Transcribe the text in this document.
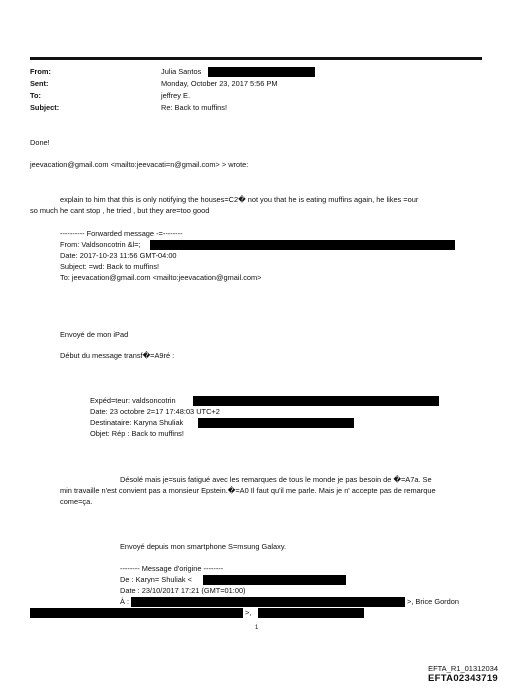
From:	Julia Santos
Sent:	Monday, October 23, 2017 5:56 PM
To:	jeffrey E.
Subject:	Re: Back to muffins!
Done!
jeevacation@gmail.com <mailto:jeevacati=n@gmail.com> > wrote:
explain to him that this is only notifying the houses=C2� not you that he is eating muffins again, he likes =our
so much he cant stop , he tried , but they are=too good
---------- Forwarded message -=--------
From: Valdsoncotrin &l=;
Date: 2017-10-23 11:56 GMT-04:00
Subject: =wd: Back to muffins!
To: jeevacation@gmail.com <mailto:jeevacation@gmail.com>
Envoyé de mon iPad
Début du message transf�=A9ré :
Expéd=teur: valdsoncotrin
Date: 23 octobre 2=17 17:48:03 UTC+2
Destinataire: Karyna Shuliak
Objet: Rép : Back to muffins!
Désolé mais je=suis fatigué avec les remarques de tous le monde je pas besoin de �=A7a. Se
min travaille n'est convient pas a monsieur Epstein.�=A0 Il faut qu'il me parle. Mais je n' accepte pas de remarque
come=ça.
Envoyé depuis mon smartphone S=msung Galaxy.
-------- Message d'origine --------
De : Karyn= Shuliak <
Date : 23/10/2017 17:21 (GMT=01:00)
À :	>, Brice Gordon
>,
1
EFTA_R1_01312034
EFTA02343719
